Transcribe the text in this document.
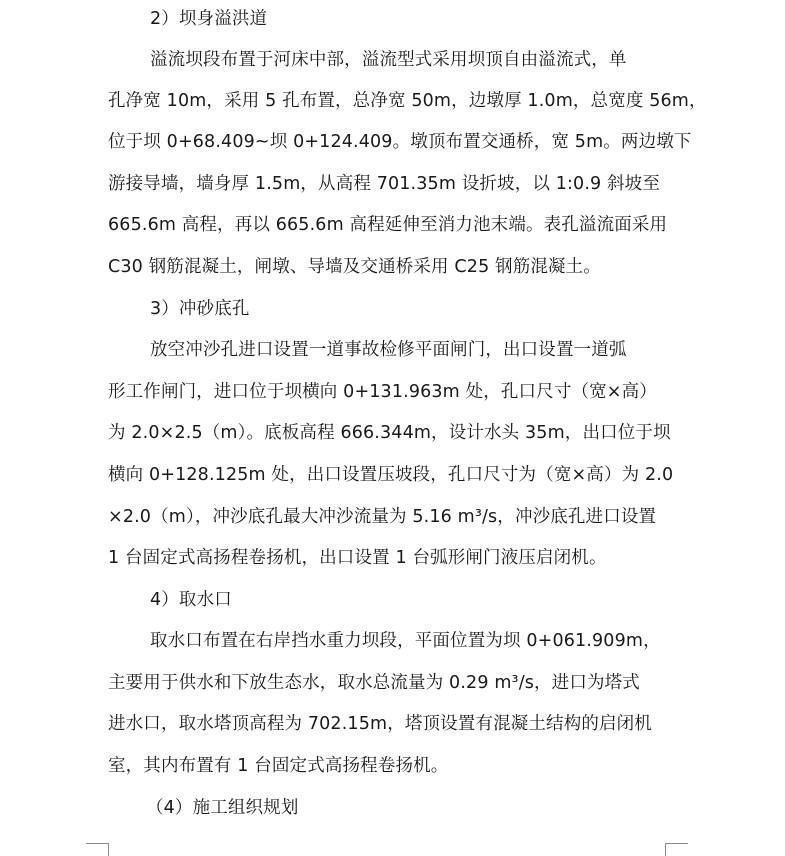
2）坝身溢洪道
溢流坝段布置于河床中部，溢流型式采用坝顶自由溢流式，单
孔净宽 10m，采用 5 孔布置，总净宽 50m，边墩厚 1.0m，总宽度 56m，
位于坝 0+68.409~坝 0+124.409。墩顶布置交通桥，宽 5m。两边墩下
游接导墙，墙身厚 1.5m，从高程 701.35m 设折坡，以 1:0.9 斜坡至
665.6m 高程，再以 665.6m 高程延伸至消力池末端。表孔溢流面采用
C30 钢筋混凝土，闸墩、导墙及交通桥采用 C25 钢筋混凝土。
3）冲砂底孔
放空冲沙孔进口设置一道事故检修平面闸门，出口设置一道弧
形工作闸门，进口位于坝横向 0+131.963m 处，孔口尺寸（宽×高）
为 2.0×2.5（m）。底板高程 666.344m，设计水头 35m，出口位于坝
横向 0+128.125m 处，出口设置压坡段，孔口尺寸为（宽×高）为 2.0
×2.0（m），冲沙底孔最大冲沙流量为 5.16 m³/s，冲沙底孔进口设置
1 台固定式高扬程卷扬机，出口设置 1 台弧形闸门液压启闭机。
4）取水口
取水口布置在右岸挡水重力坝段，平面位置为坝 0+061.909m，
主要用于供水和下放生态水，取水总流量为 0.29 m³/s，进口为塔式
进水口，取水塔顶高程为 702.15m，塔顶设置有混凝土结构的启闭机
室，其内布置有 1 台固定式高扬程卷扬机。
（4）施工组织规划
